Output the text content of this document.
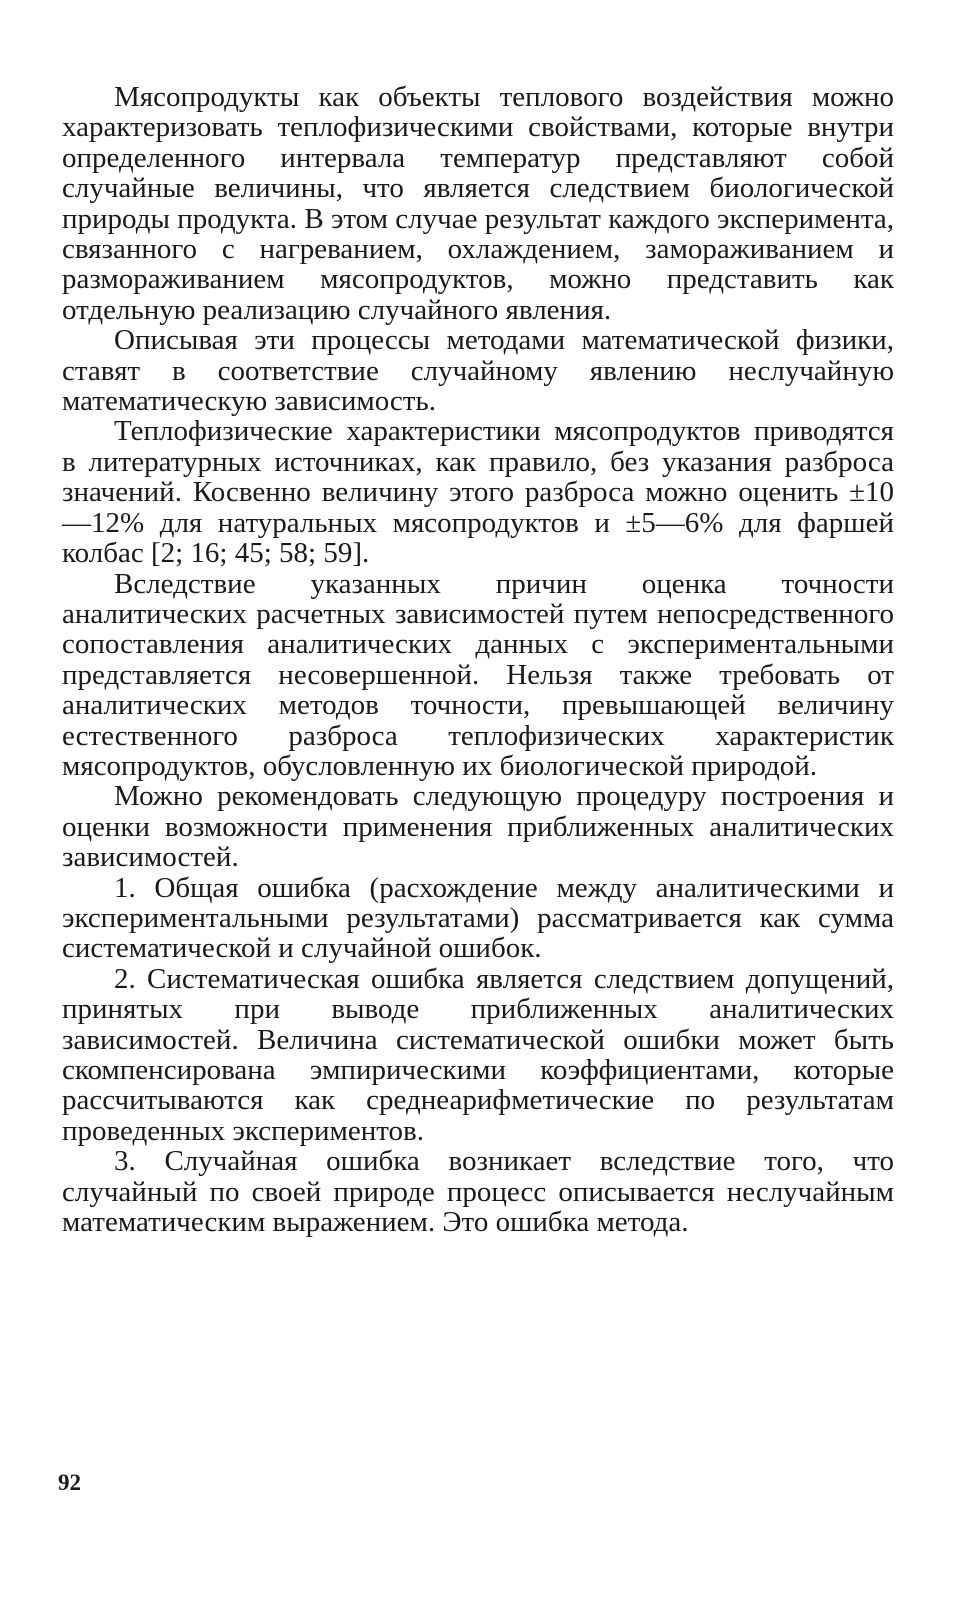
Мясопродукты как объекты теплового воздействия можно характеризовать теплофизическими свойствами, которые внутри определенного интервала температур представляют собой случайные величины, что является следствием биологической природы продукта. В этом случае результат каждого эксперимента, связанного с нагреванием, охлаждением, замораживанием и размораживанием мясопродуктов, можно представить как отдельную реализацию случайного явления.

Описывая эти процессы методами математической физики, ставят в соответствие случайному явлению неслучайную математическую зависимость.

Теплофизические характеристики мясопродуктов приводятся в литературных источниках, как правило, без указания разброса значений. Косвенно величину этого разброса можно оценить ±10—12% для натуральных мясопродуктов и ±5—6% для фаршей колбас [2; 16; 45; 58; 59].

Вследствие указанных причин оценка точности аналитических расчетных зависимостей путем непосредственного сопоставления аналитических данных с экспериментальными представляется несовершенной. Нельзя также требовать от аналитических методов точности, превышающей величину естественного разброса теплофизических характеристик мясопродуктов, обусловленную их биологической природой.

Можно рекомендовать следующую процедуру построения и оценки возможности применения приближенных аналитических зависимостей.

1. Общая ошибка (расхождение между аналитическими и экспериментальными результатами) рассматривается как сумма систематической и случайной ошибок.

2. Систематическая ошибка является следствием допущений, принятых при выводе приближенных аналитических зависимостей. Величина систематической ошибки может быть скомпенсирована эмпирическими коэффициентами, которые рассчитываются как среднеарифметические по результатам проведенных экспериментов.

3. Случайная ошибка возникает вследствие того, что случайный по своей природе процесс описывается неслучайным математическим выражением. Это ошибка метода.

92
